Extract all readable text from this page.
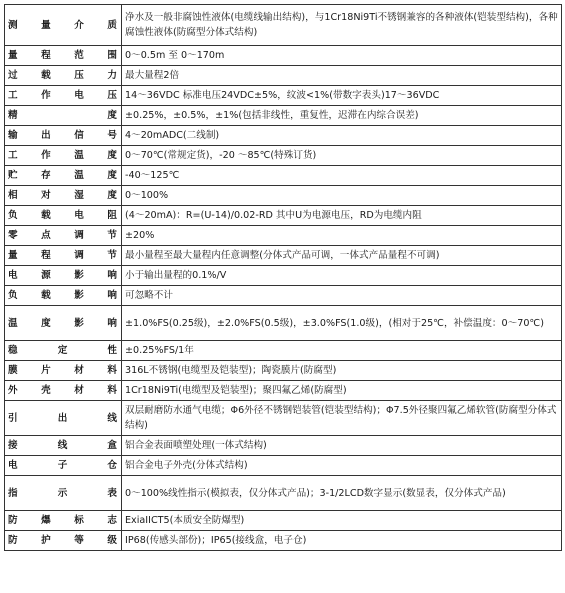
测 量 介 质	净水及一般非腐蚀性液体(电缆线输出结构)，与1Cr18Ni9Ti不锈钢兼容的各种液体(铠装型结构)，各种腐蚀性液体(防腐型分体式结构)
量 程 范 围	0～0.5m 至 0～170m
过 载 压 力	最大量程2倍
工 作 电 压	14～36VDC 标准电压24VDC±5%，纹波<1%(带数字表头)17～36VDC
精 度	±0.25%，±0.5%，±1%(包括非线性，重复性，迟滞在内综合误差)
输 出 信 号	4～20mADC(二线制)
工 作 温 度	0～70℃(常规定货)，-20 ～85℃(特殊订货)
贮 存 温 度	-40～125℃
相 对 湿 度	0～100%
负 载 电 阻	(4～20mA)：R=(U-14)/0.02-RD 其中U为电源电压，RD为电缆内阻
零 点 调 节	±20%
量 程 调 节	最小量程至最大量程内任意调整(分体式产品可调，一体式产品量程不可调)
电 源 影 响	小于输出量程的0.1%/V
负 载 影 响	可忽略不计
温 度 影 响	±1.0%FS(0.25级)，±2.0%FS(0.5级)，±3.0%FS(1.0级)，(相对于25℃，补偿温度：0～70℃)
稳 定 性	±0.25%FS/1年
膜 片 材 料	316L不锈钢(电缆型及铠装型)；陶瓷膜片(防腐型)
外 壳 材 料	1Cr18Ni9Ti(电缆型及铠装型)；聚四氟乙烯(防腐型)
引 出 线	双层耐磨防水通气电缆；Φ6外径不锈钢铠装管(铠装型结构)；Φ7.5外径聚四氟乙烯软管(防腐型分体式结构)
接 线 盒	铝合金表面喷塑处理(一体式结构)
电 子 仓	铝合金电子外壳(分体式结构)
指 示 表	0～100%线性指示(模拟表，仅分体式产品)；3-1/2LCD数字显示(数显表，仅分体式产品)
防 爆 标 志	ExiaIICT5(本质安全防爆型)
防 护 等 级	IP68(传感头部份)；IP65(接线盒，电子仓)
